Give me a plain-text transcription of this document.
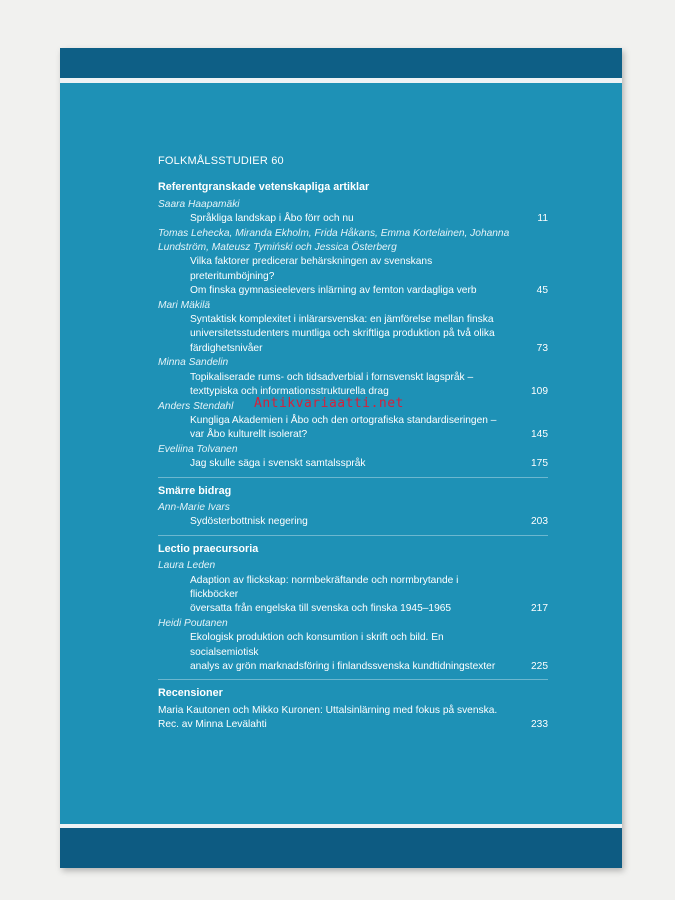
FOLKMÅLSSTUDIER 60
Referentgranskade vetenskapliga artiklar
Saara Haapamäki
Språkliga landskap i Åbo förr och nu	11
Tomas Lehecka, Miranda Ekholm, Frida Håkans, Emma Kortelainen, Johanna
Lundström, Mateusz Tymiński och Jessica Österberg
Vilka faktorer predicerar behärskningen av svenskans preteritumböjning?
Om finska gymnasieelevers inlärning av femton vardagliga verb	45
Mari Mäkilä
Syntaktisk komplexitet i inlärarsvenska: en jämförelse mellan finska
universitetsstudenters muntliga och skriftliga produktion på två olika
färdighetsnivåer	73
Minna Sandelin
Topikaliserade rums- och tidsadverbial i fornsvenskt lagspråk –
texttypiska och informationsstrukturella drag	109
Anders Stendahl
Kungliga Akademien i Åbo och den ortografiska standardiseringen –
var Åbo kulturellt isolerat?	145
Eveliina Tolvanen
Jag skulle säga i svenskt samtalsspråk	175
Smärre bidrag
Ann-Marie Ivars
Sydösterbottnisk negering	203
Lectio praecursoria
Laura Leden
Adaption av flickskap: normbekräftande och normbrytande i flickböcker
översatta från engelska till svenska och finska 1945–1965	217
Heidi Poutanen
Ekologisk produktion och konsumtion i skrift och bild. En socialsemiotisk
analys av grön marknadsföring i finlandssvenska kundtidningstexter	225
Recensioner
Maria Kautonen och Mikko Kuronen: Uttalsinlärning med fokus på svenska.
Rec. av Minna Levälahti	233
Antikvariaatti.net
